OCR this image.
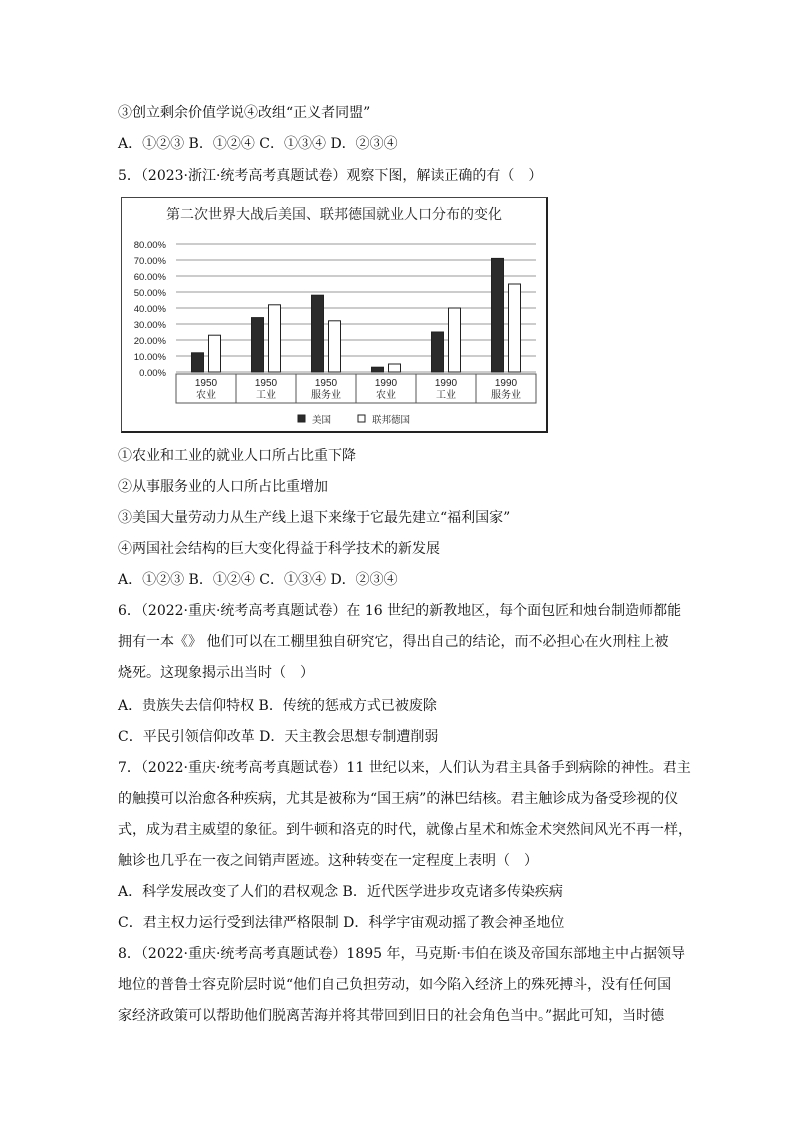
③创立剩余价值学说④改组“正义者同盟”
A．①②③ B．①②④ C．①③④ D．②③④
5．（2023·浙江·统考高考真题试卷）观察下图，解读正确的有（　）
第二次世界大战后美国、联邦德国就业人口分布的变化
0.00%
10.00%
20.00%
30.00%
40.00%
50.00%
60.00%
70.00%
80.00%
1950
农业
1950
工业
1950
服务业
1990
农业
1990
工业
1990
服务业
美国	联邦德国
①农业和工业的就业人口所占比重下降
②从事服务业的人口所占比重增加
③美国大量劳动力从生产线上退下来缘于它最先建立“福利国家”
④两国社会结构的巨大变化得益于科学技术的新发展
A．①②③ B．①②④ C．①③④ D．②③④
6．（2022·重庆·统考高考真题试卷）在 16 世纪的新教地区，每个面包匠和烛台制造师都能
拥有一本《》 他们可以在工棚里独自研究它，得出自己的结论，而不必担心在火刑柱上被
烧死。这现象揭示出当时（　）
A．贵族失去信仰特权 B．传统的惩戒方式已被废除
C．平民引领信仰改革 D．天主教会思想专制遭削弱
7．（2022·重庆·统考高考真题试卷）11 世纪以来，人们认为君主具备手到病除的神性。君主
的触摸可以治愈各种疾病，尤其是被称为“国王病”的淋巴结核。君主触诊成为备受珍视的仪
式，成为君主威望的象征。到牛顿和洛克的时代，就像占星术和炼金术突然间风光不再一样，
触诊也几乎在一夜之间销声匿迹。这种转变在一定程度上表明（　）
A．科学发展改变了人们的君权观念 B．近代医学进步攻克诸多传染疾病
C．君主权力运行受到法律严格限制 D．科学宇宙观动摇了教会神圣地位
8．（2022·重庆·统考高考真题试卷）1895 年，马克斯·韦伯在谈及帝国东部地主中占据领导
地位的普鲁士容克阶层时说“他们自己负担劳动，如今陷入经济上的殊死搏斗，没有任何国
家经济政策可以帮助他们脱离苦海并将其带回到旧日的社会角色当中。”据此可知，当时德
